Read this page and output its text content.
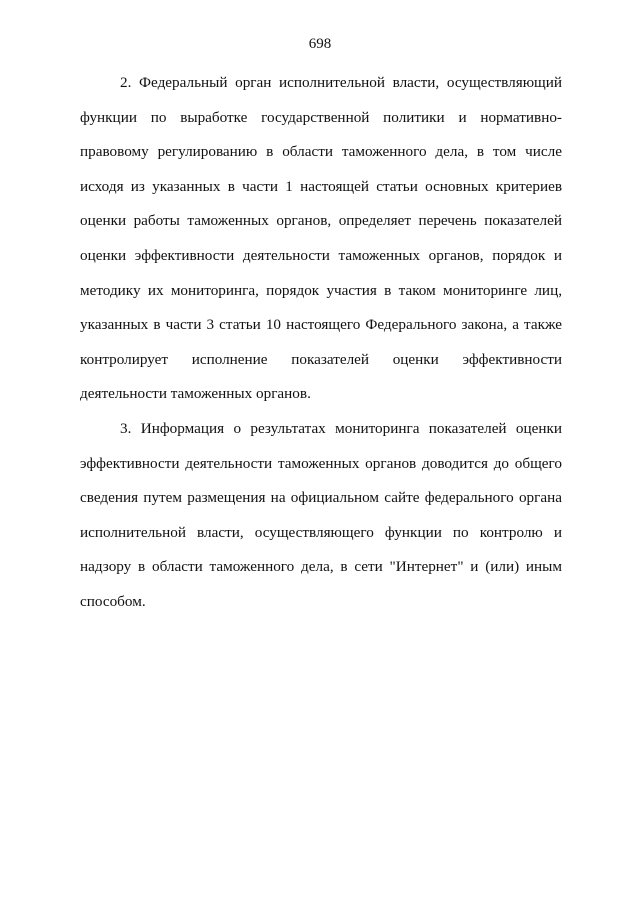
698

2. Федеральный орган исполнительной власти, осуществляющий функции по выработке государственной политики и нормативно-правовому регулированию в области таможенного дела, в том числе исходя из указанных в части 1 настоящей статьи основных критериев оценки работы таможенных органов, определяет перечень показателей оценки эффективности деятельности таможенных органов, порядок и методику их мониторинга, порядок участия в таком мониторинге лиц, указанных в части 3 статьи 10 настоящего Федерального закона, а также контролирует исполнение показателей оценки эффективности деятельности таможенных органов.

3. Информация о результатах мониторинга показателей оценки эффективности деятельности таможенных органов доводится до общего сведения путем размещения на официальном сайте федерального органа исполнительной власти, осуществляющего функции по контролю и надзору в области таможенного дела, в сети "Интернет" и (или) иным способом.
